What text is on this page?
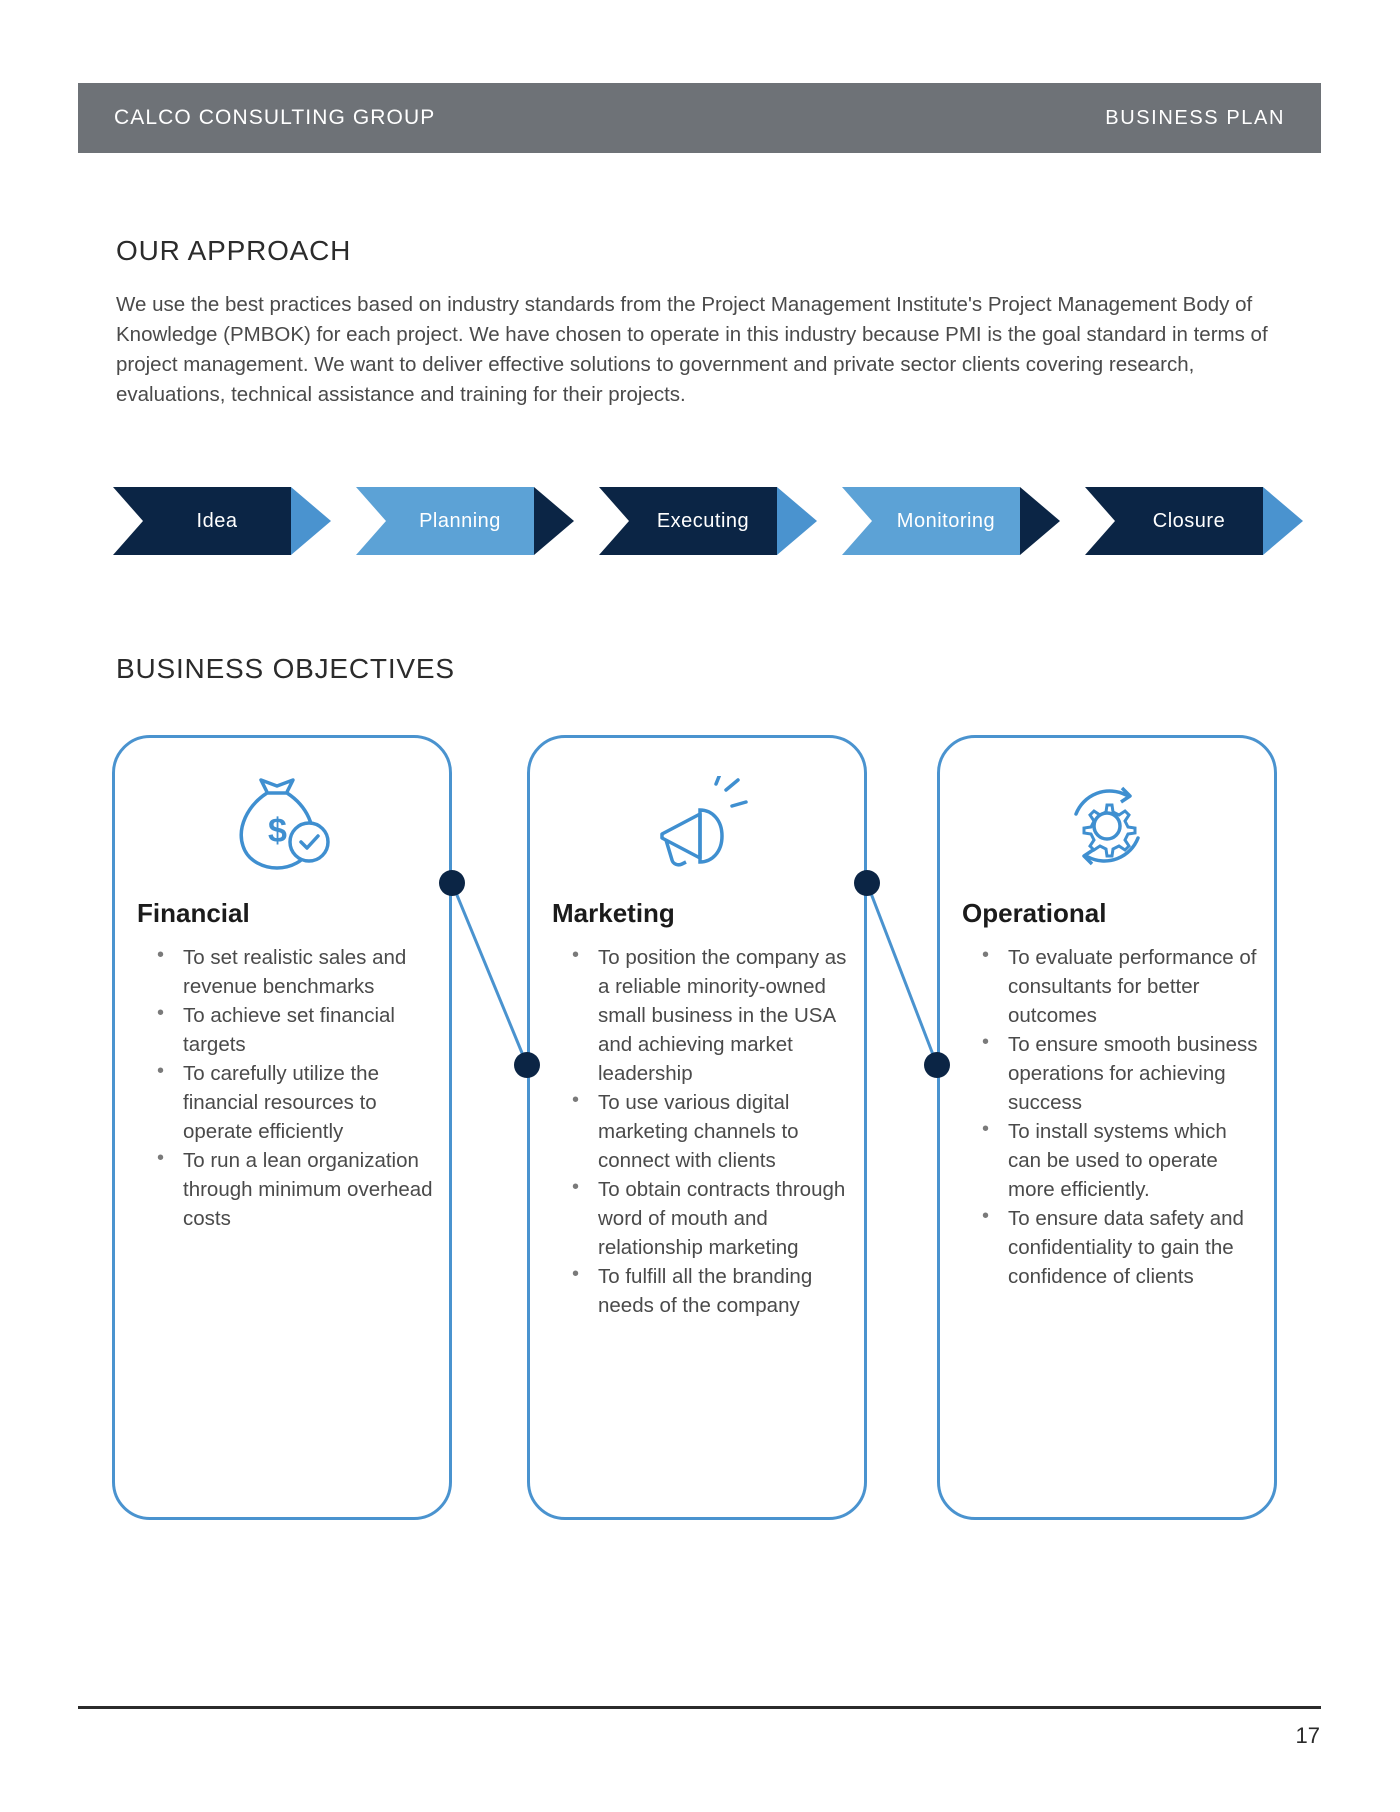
CALCO CONSULTING GROUP	BUSINESS PLAN
OUR APPROACH
We use the best practices based on industry standards from the Project Management Institute's Project Management Body of Knowledge (PMBOK) for each project. We have chosen to operate in this industry because PMI is the goal standard in terms of project management. We want to deliver effective solutions to government and private sector clients covering research, evaluations, technical assistance and training for their projects.
Idea	Planning	Executing	Monitoring	Closure
BUSINESS OBJECTIVES
$
Financial
• To set realistic sales and revenue benchmarks
• To achieve set financial targets
• To carefully utilize the financial resources to operate efficiently
• To run a lean organization through minimum overhead costs
Marketing
• To position the company as a reliable minority-owned small business in the USA and achieving market leadership
• To use various digital marketing channels to connect with clients
• To obtain contracts through word of mouth and relationship marketing
• To fulfill all the branding needs of the company
Operational
• To evaluate performance of consultants for better outcomes
• To ensure smooth business operations for achieving success
• To install systems which can be used to operate more efficiently.
• To ensure data safety and confidentiality to gain the confidence of clients
17
